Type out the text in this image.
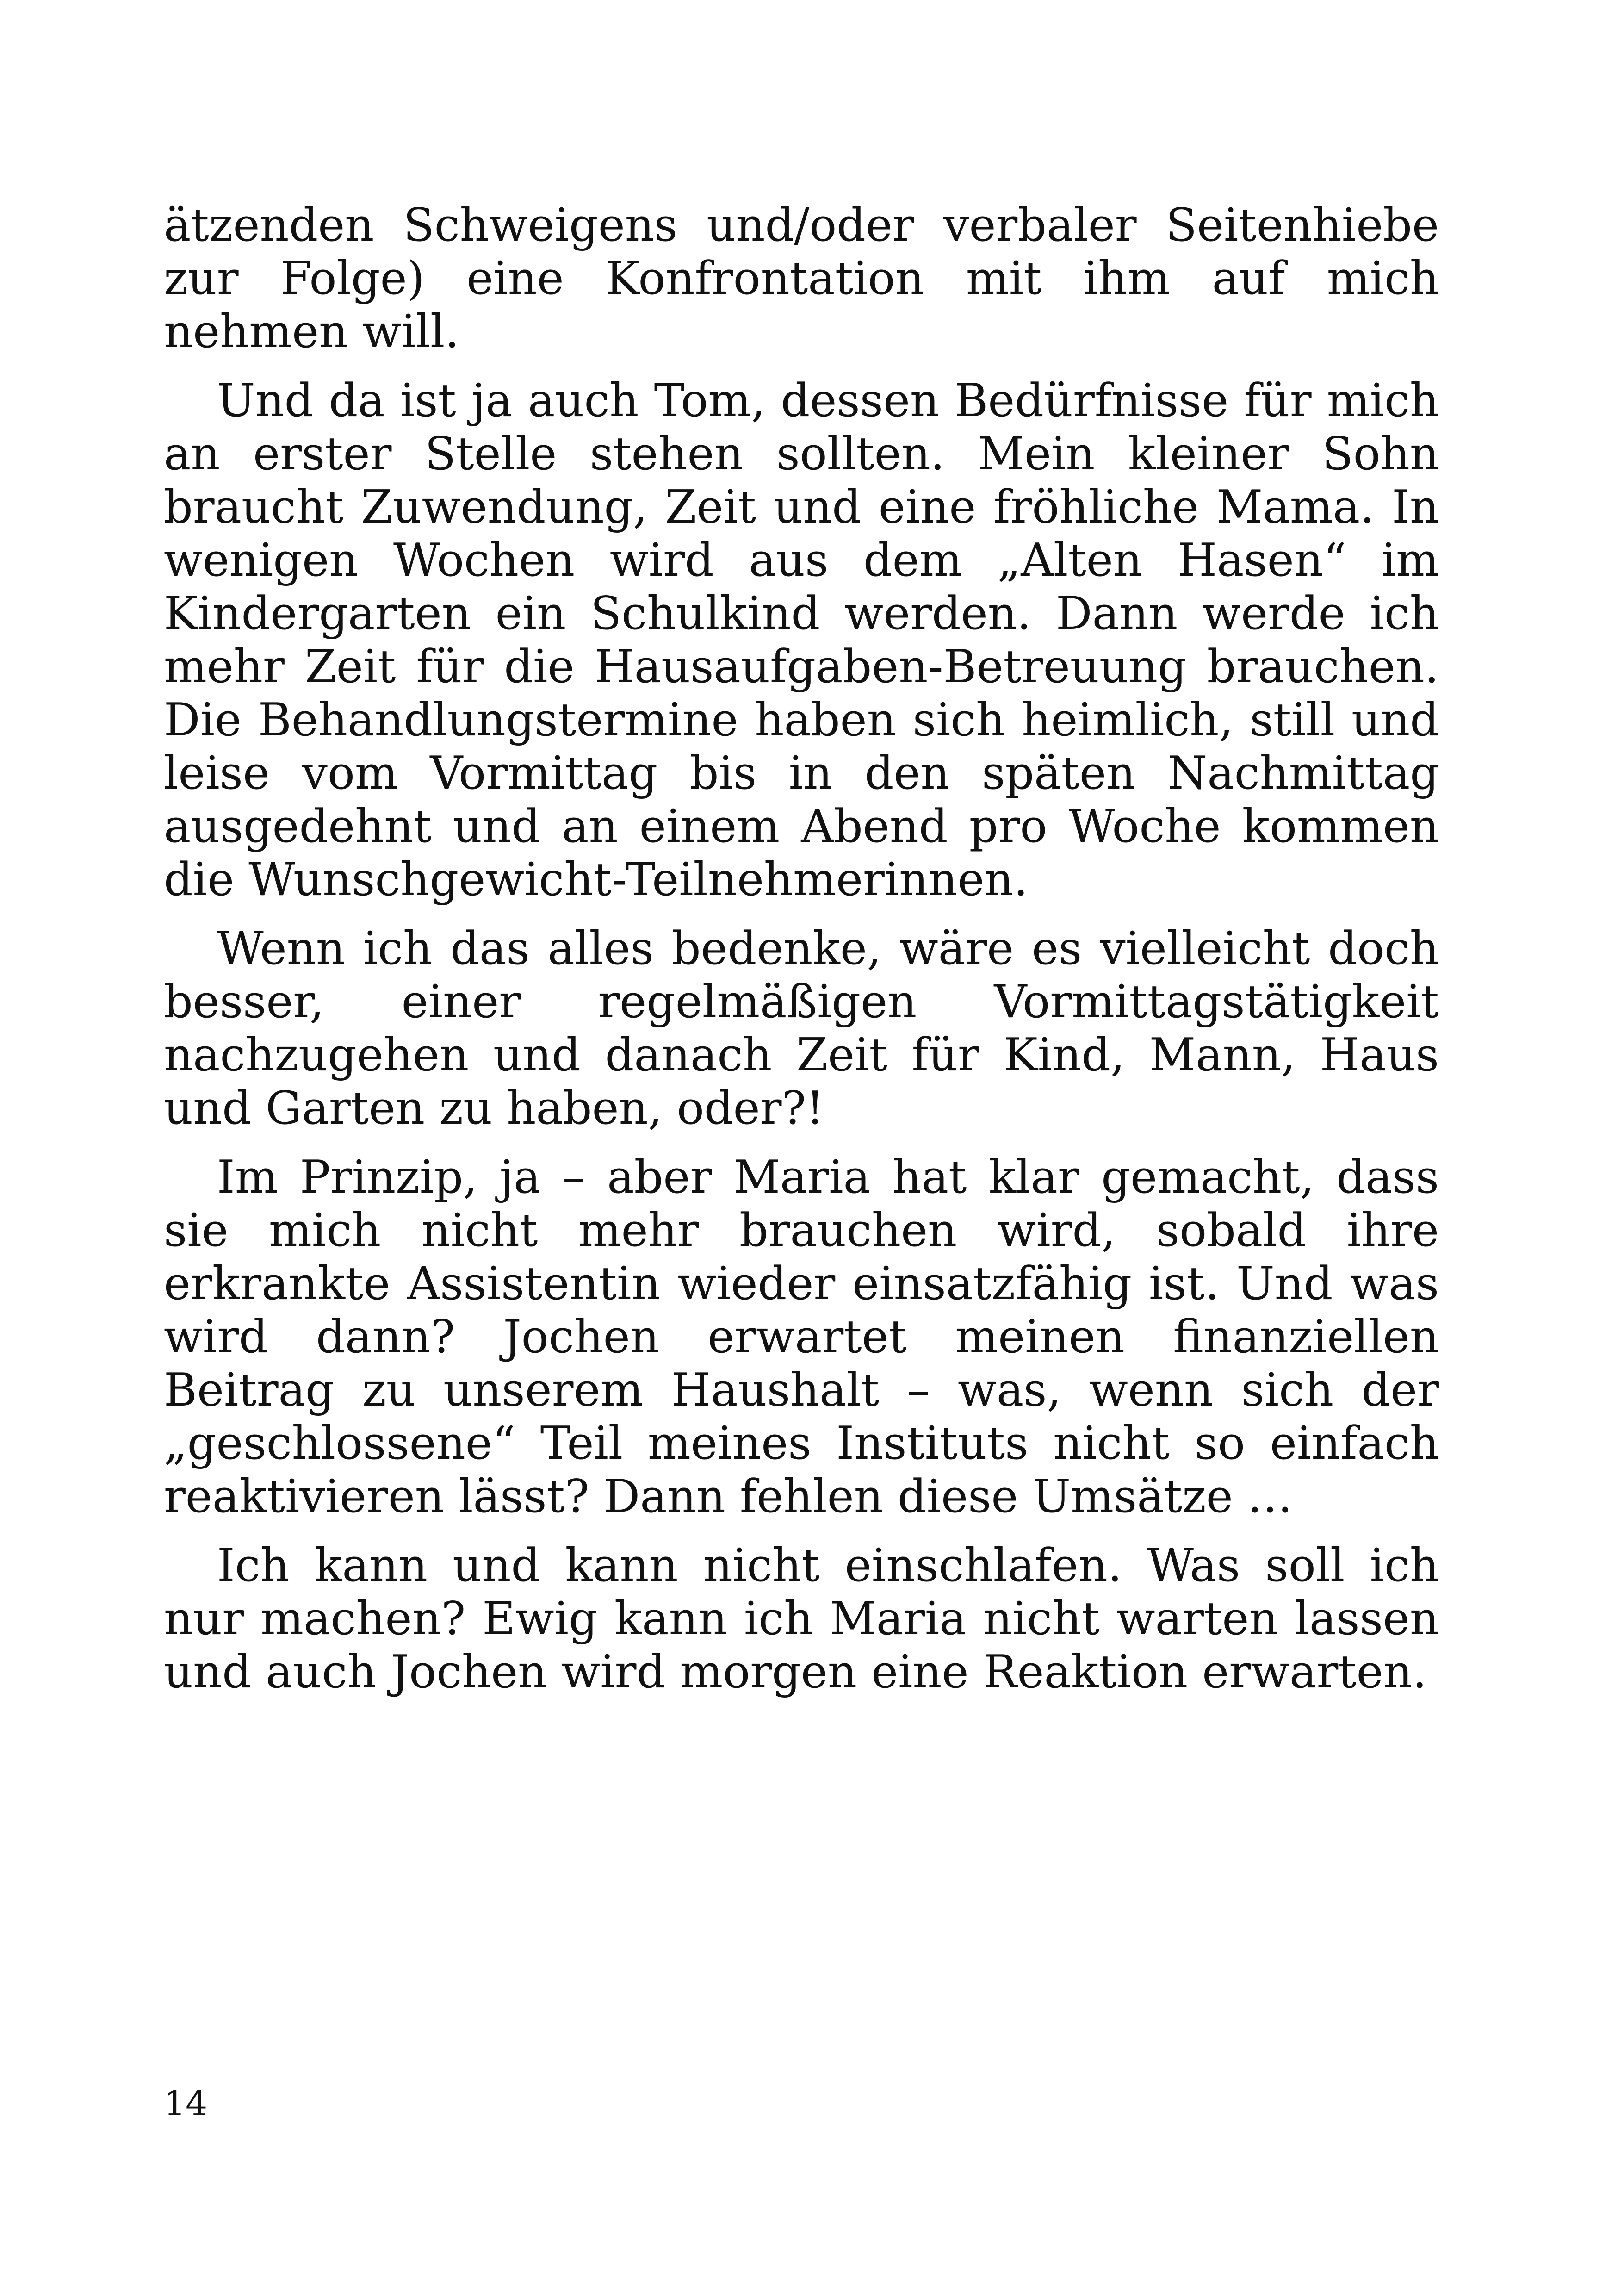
ätzenden Schweigens und/oder verbaler Seitenhiebe zur Folge) eine Konfrontation mit ihm auf mich nehmen will.

Und da ist ja auch Tom, dessen Bedürfnisse für mich an erster Stelle stehen sollten. Mein kleiner Sohn braucht Zuwendung, Zeit und eine fröhliche Mama. In wenigen Wochen wird aus dem „Alten Hasen“ im Kindergarten ein Schulkind werden. Dann werde ich mehr Zeit für die Hausaufgaben-Betreuung brauchen. Die Behandlungstermine haben sich heimlich, still und leise vom Vormittag bis in den späten Nachmittag ausgedehnt und an einem Abend pro Woche kommen die Wunschgewicht-Teilnehmerinnen.

Wenn ich das alles bedenke, wäre es vielleicht doch besser, einer regelmäßigen Vormittagstätigkeit nachzugehen und danach Zeit für Kind, Mann, Haus und Garten zu haben, oder?!

Im Prinzip, ja – aber Maria hat klar gemacht, dass sie mich nicht mehr brauchen wird, sobald ihre erkrankte Assistentin wieder einsatzfähig ist. Und was wird dann? Jochen erwartet meinen finanziellen Beitrag zu unserem Haushalt – was, wenn sich der „geschlossene“ Teil meines Instituts nicht so einfach reaktivieren lässt? Dann fehlen diese Umsätze …

Ich kann und kann nicht einschlafen. Was soll ich nur machen? Ewig kann ich Maria nicht warten lassen und auch Jochen wird morgen eine Reaktion erwarten.

14
